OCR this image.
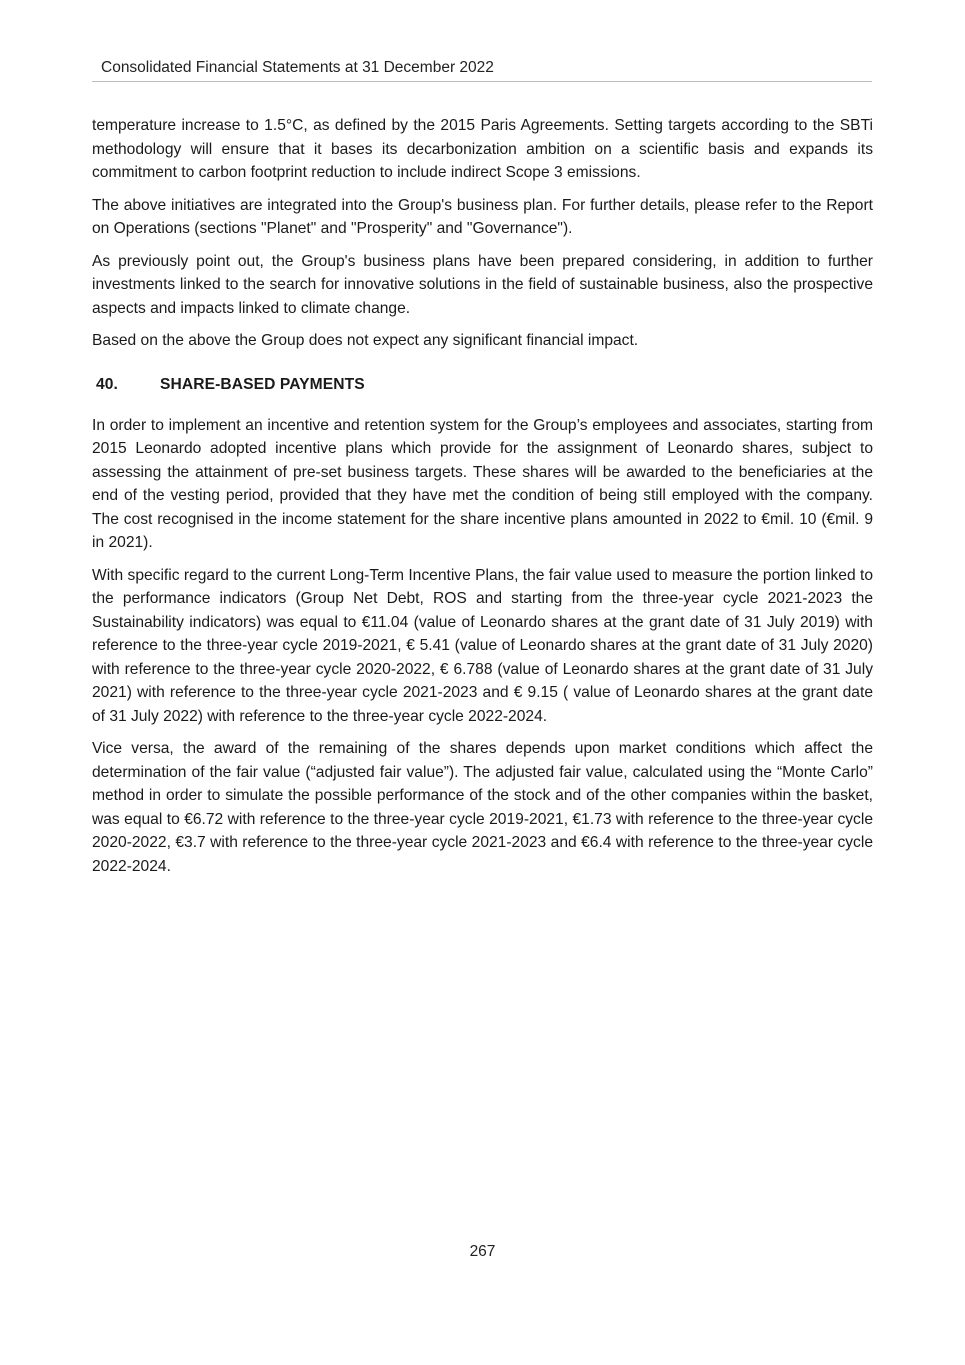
Consolidated Financial Statements at 31 December 2022

temperature increase to 1.5°C, as defined by the 2015 Paris Agreements. Setting targets according to the SBTi methodology will ensure that it bases its decarbonization ambition on a scientific basis and expands its commitment to carbon footprint reduction to include indirect Scope 3 emissions.

The above initiatives are integrated into the Group's business plan. For further details, please refer to the Report on Operations (sections "Planet" and "Prosperity" and "Governance").

As previously point out, the Group's business plans have been prepared considering, in addition to further investments linked to the search for innovative solutions in the field of sustainable business, also the prospective aspects and impacts linked to climate change.

Based on the above the Group does not expect any significant financial impact.

40.	SHARE-BASED PAYMENTS

In order to implement an incentive and retention system for the Group’s employees and associates, starting from 2015 Leonardo adopted incentive plans which provide for the assignment of Leonardo shares, subject to assessing the attainment of pre-set business targets. These shares will be awarded to the beneficiaries at the end of the vesting period, provided that they have met the condition of being still employed with the company. The cost recognised in the income statement for the share incentive plans amounted in 2022 to €mil. 10 (€mil. 9 in 2021).

With specific regard to the current Long-Term Incentive Plans, the fair value used to measure the portion linked to the performance indicators (Group Net Debt, ROS and starting from the three-year cycle 2021-2023 the Sustainability indicators) was equal to €11.04 (value of Leonardo shares at the grant date of 31 July 2019) with reference to the three-year cycle 2019-2021, € 5.41 (value of Leonardo shares at the grant date of 31 July 2020) with reference to the three-year cycle 2020-2022, € 6.788 (value of Leonardo shares at the grant date of 31 July 2021) with reference to the three-year cycle 2021-2023 and € 9.15 ( value of Leonardo shares at the grant date of 31 July 2022) with reference to the three-year cycle 2022-2024.

Vice versa, the award of the remaining of the shares depends upon market conditions which affect the determination of the fair value (“adjusted fair value”). The adjusted fair value, calculated using the “Monte Carlo” method in order to simulate the possible performance of the stock and of the other companies within the basket, was equal to €6.72 with reference to the three-year cycle 2019-2021, €1.73 with reference to the three-year cycle 2020-2022, €3.7 with reference to the three-year cycle 2021-2023 and €6.4 with reference to the three-year cycle 2022-2024.

267
